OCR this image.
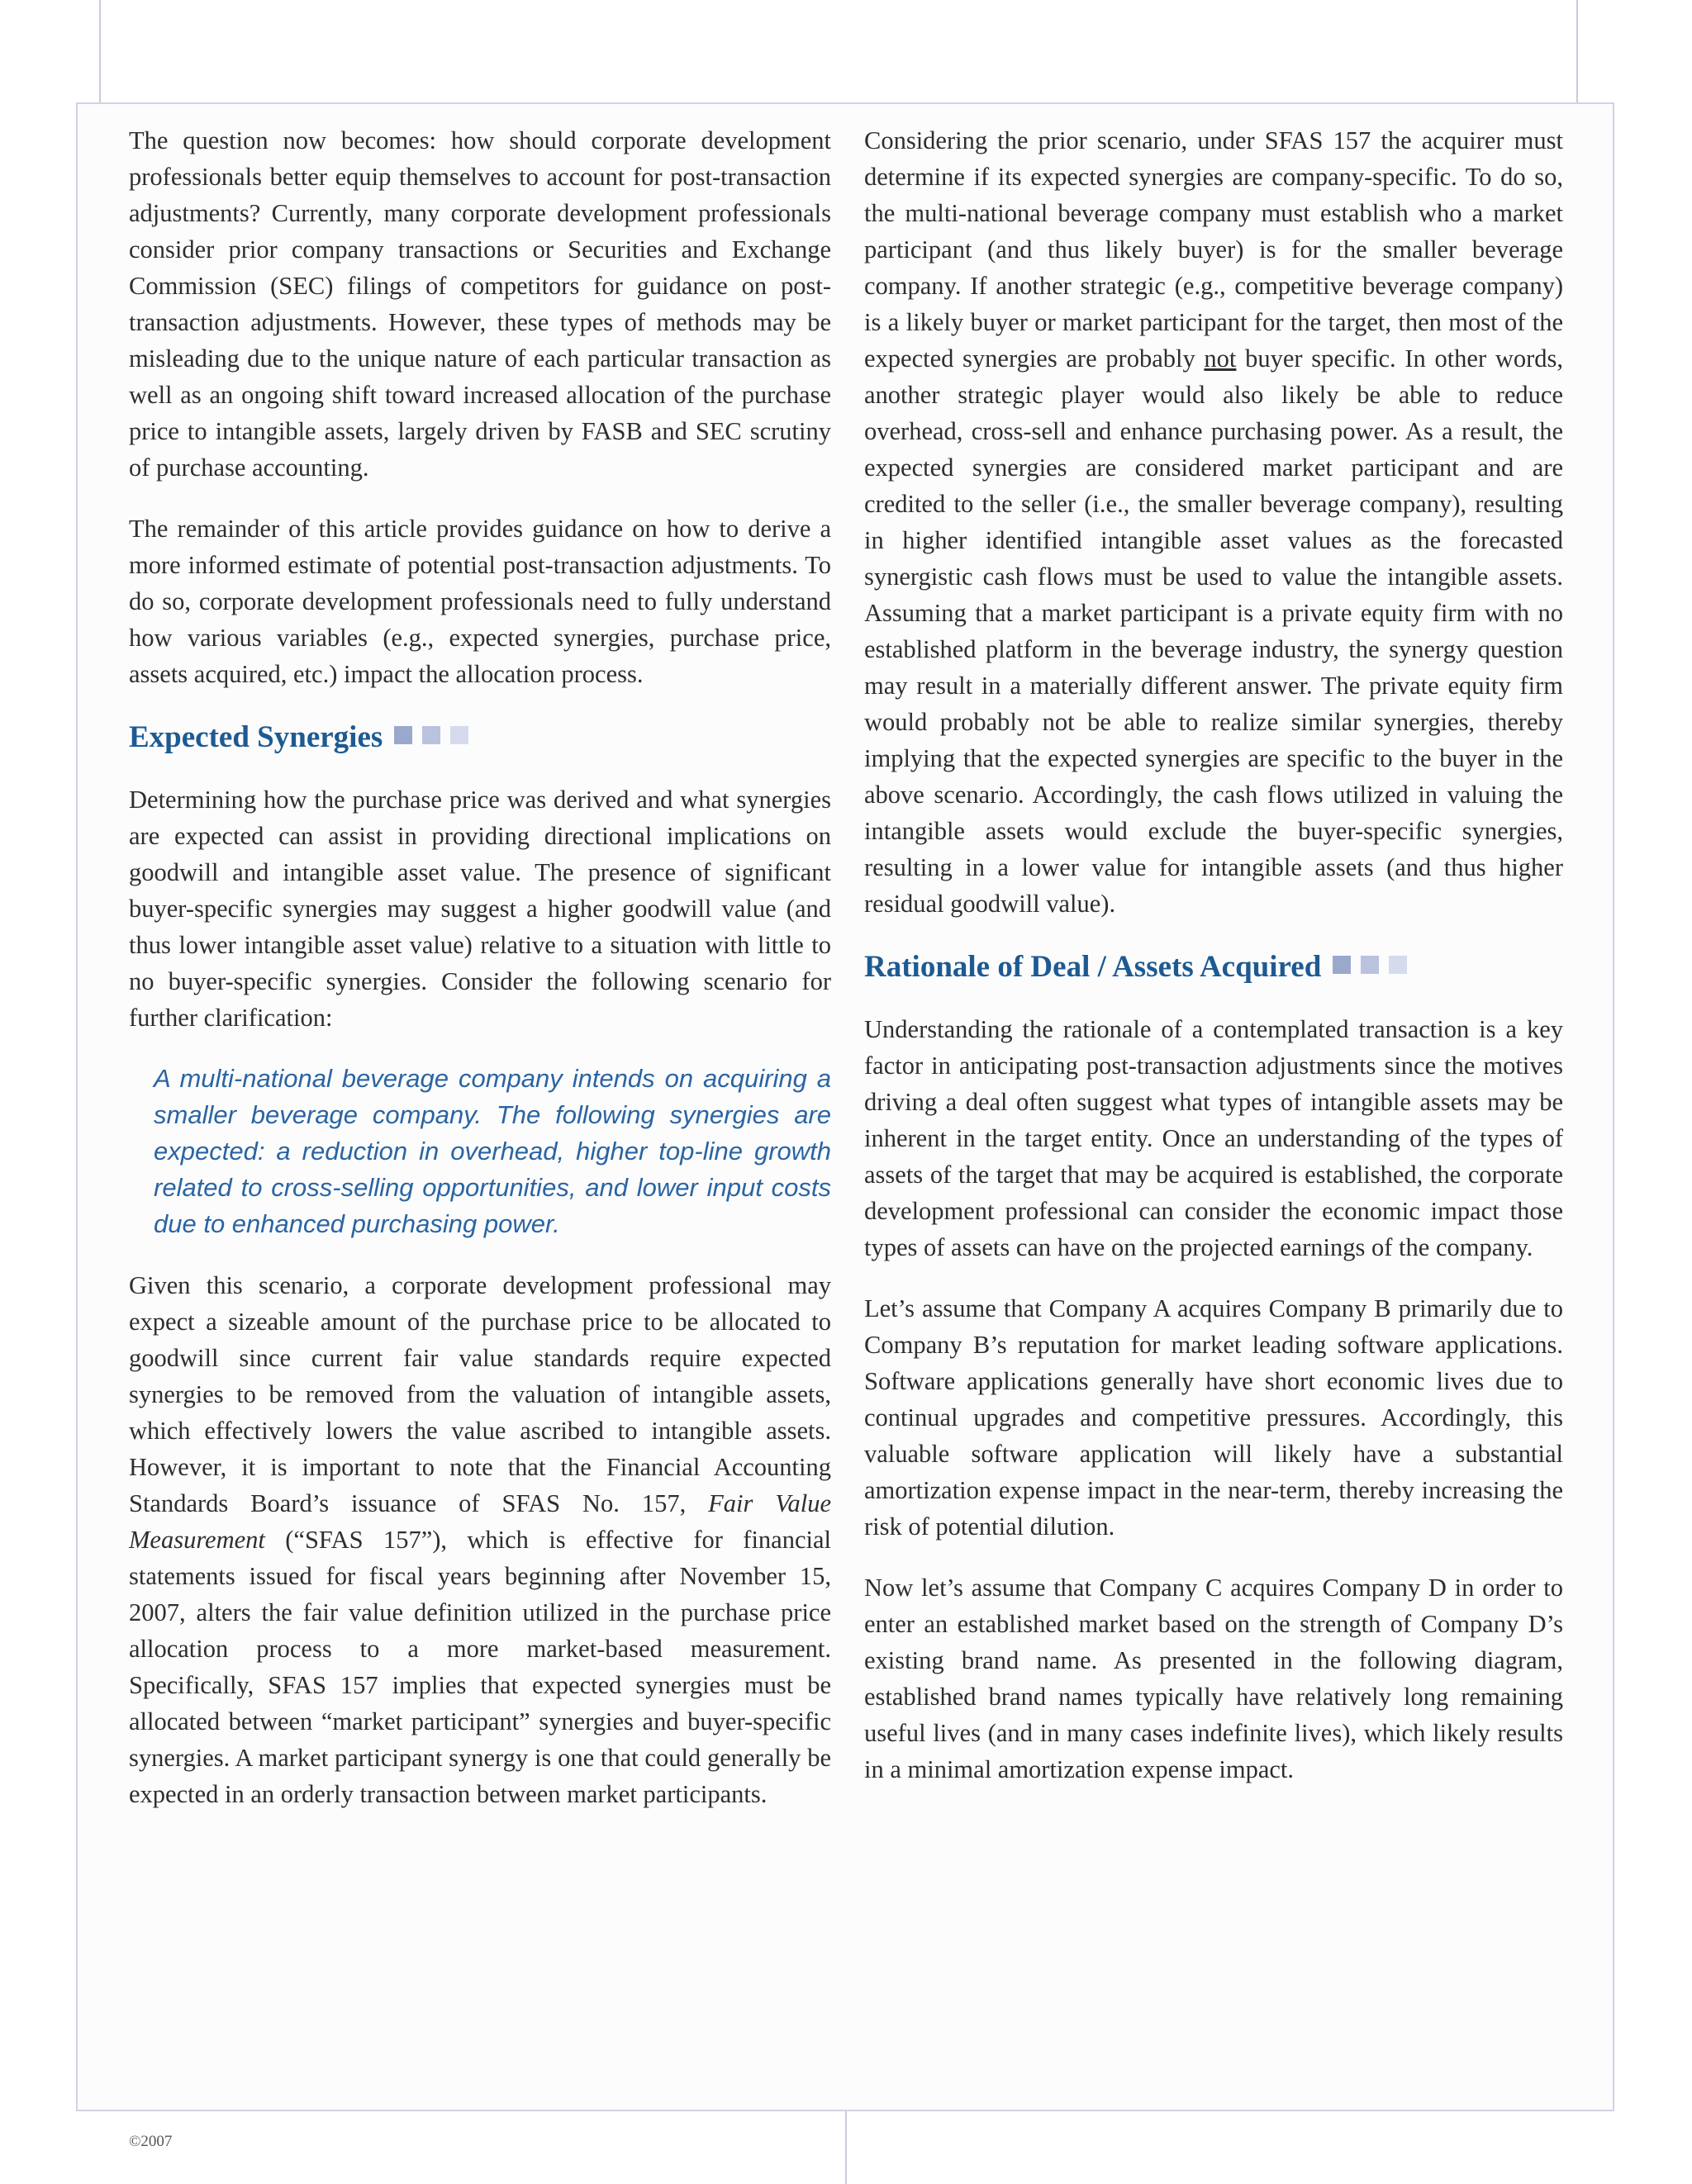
The question now becomes: how should corporate development professionals better equip themselves to account for post-transaction adjustments? Currently, many corporate development professionals consider prior company transactions or Securities and Exchange Commission (SEC) filings of competitors for guidance on post-transaction adjustments. However, these types of methods may be misleading due to the unique nature of each particular transaction as well as an ongoing shift toward increased allocation of the purchase price to intangible assets, largely driven by FASB and SEC scrutiny of purchase accounting.

The remainder of this article provides guidance on how to derive a more informed estimate of potential post-transaction adjustments. To do so, corporate development professionals need to fully understand how various variables (e.g., expected synergies, purchase price, assets acquired, etc.) impact the allocation process.

Expected Synergies

Determining how the purchase price was derived and what synergies are expected can assist in providing directional implications on goodwill and intangible asset value. The presence of significant buyer-specific synergies may suggest a higher goodwill value (and thus lower intangible asset value) relative to a situation with little to no buyer-specific synergies. Consider the following scenario for further clarification:

A multi-national beverage company intends on acquiring a smaller beverage company. The following synergies are expected: a reduction in overhead, higher top-line growth related to cross-selling opportunities, and lower input costs due to enhanced purchasing power.

Given this scenario, a corporate development professional may expect a sizeable amount of the purchase price to be allocated to goodwill since current fair value standards require expected synergies to be removed from the valuation of intangible assets, which effectively lowers the value ascribed to intangible assets. However, it is important to note that the Financial Accounting Standards Board’s issuance of SFAS No. 157, Fair Value Measurement (“SFAS 157”), which is effective for financial statements issued for fiscal years beginning after November 15, 2007, alters the fair value definition utilized in the purchase price allocation process to a more market-based measurement. Specifically, SFAS 157 implies that expected synergies must be allocated between “market participant” synergies and buyer-specific synergies. A market participant synergy is one that could generally be expected in an orderly transaction between market participants.

Considering the prior scenario, under SFAS 157 the acquirer must determine if its expected synergies are company-specific. To do so, the multi-national beverage company must establish who a market participant (and thus likely buyer) is for the smaller beverage company. If another strategic (e.g., competitive beverage company) is a likely buyer or market participant for the target, then most of the expected synergies are probably not buyer specific. In other words, another strategic player would also likely be able to reduce overhead, cross-sell and enhance purchasing power. As a result, the expected synergies are considered market participant and are credited to the seller (i.e., the smaller beverage company), resulting in higher identified intangible asset values as the forecasted synergistic cash flows must be used to value the intangible assets. Assuming that a market participant is a private equity firm with no established platform in the beverage industry, the synergy question may result in a materially different answer. The private equity firm would probably not be able to realize similar synergies, thereby implying that the expected synergies are specific to the buyer in the above scenario. Accordingly, the cash flows utilized in valuing the intangible assets would exclude the buyer-specific synergies, resulting in a lower value for intangible assets (and thus higher residual goodwill value).

Rationale of Deal / Assets Acquired

Understanding the rationale of a contemplated transaction is a key factor in anticipating post-transaction adjustments since the motives driving a deal often suggest what types of intangible assets may be inherent in the target entity. Once an understanding of the types of assets of the target that may be acquired is established, the corporate development professional can consider the economic impact those types of assets can have on the projected earnings of the company.

Let’s assume that Company A acquires Company B primarily due to Company B’s reputation for market leading software applications. Software applications generally have short economic lives due to continual upgrades and competitive pressures. Accordingly, this valuable software application will likely have a substantial amortization expense impact in the near-term, thereby increasing the risk of potential dilution.

Now let’s assume that Company C acquires Company D in order to enter an established market based on the strength of Company D’s existing brand name. As presented in the following diagram, established brand names typically have relatively long remaining useful lives (and in many cases indefinite lives), which likely results in a minimal amortization expense impact.

©2007
